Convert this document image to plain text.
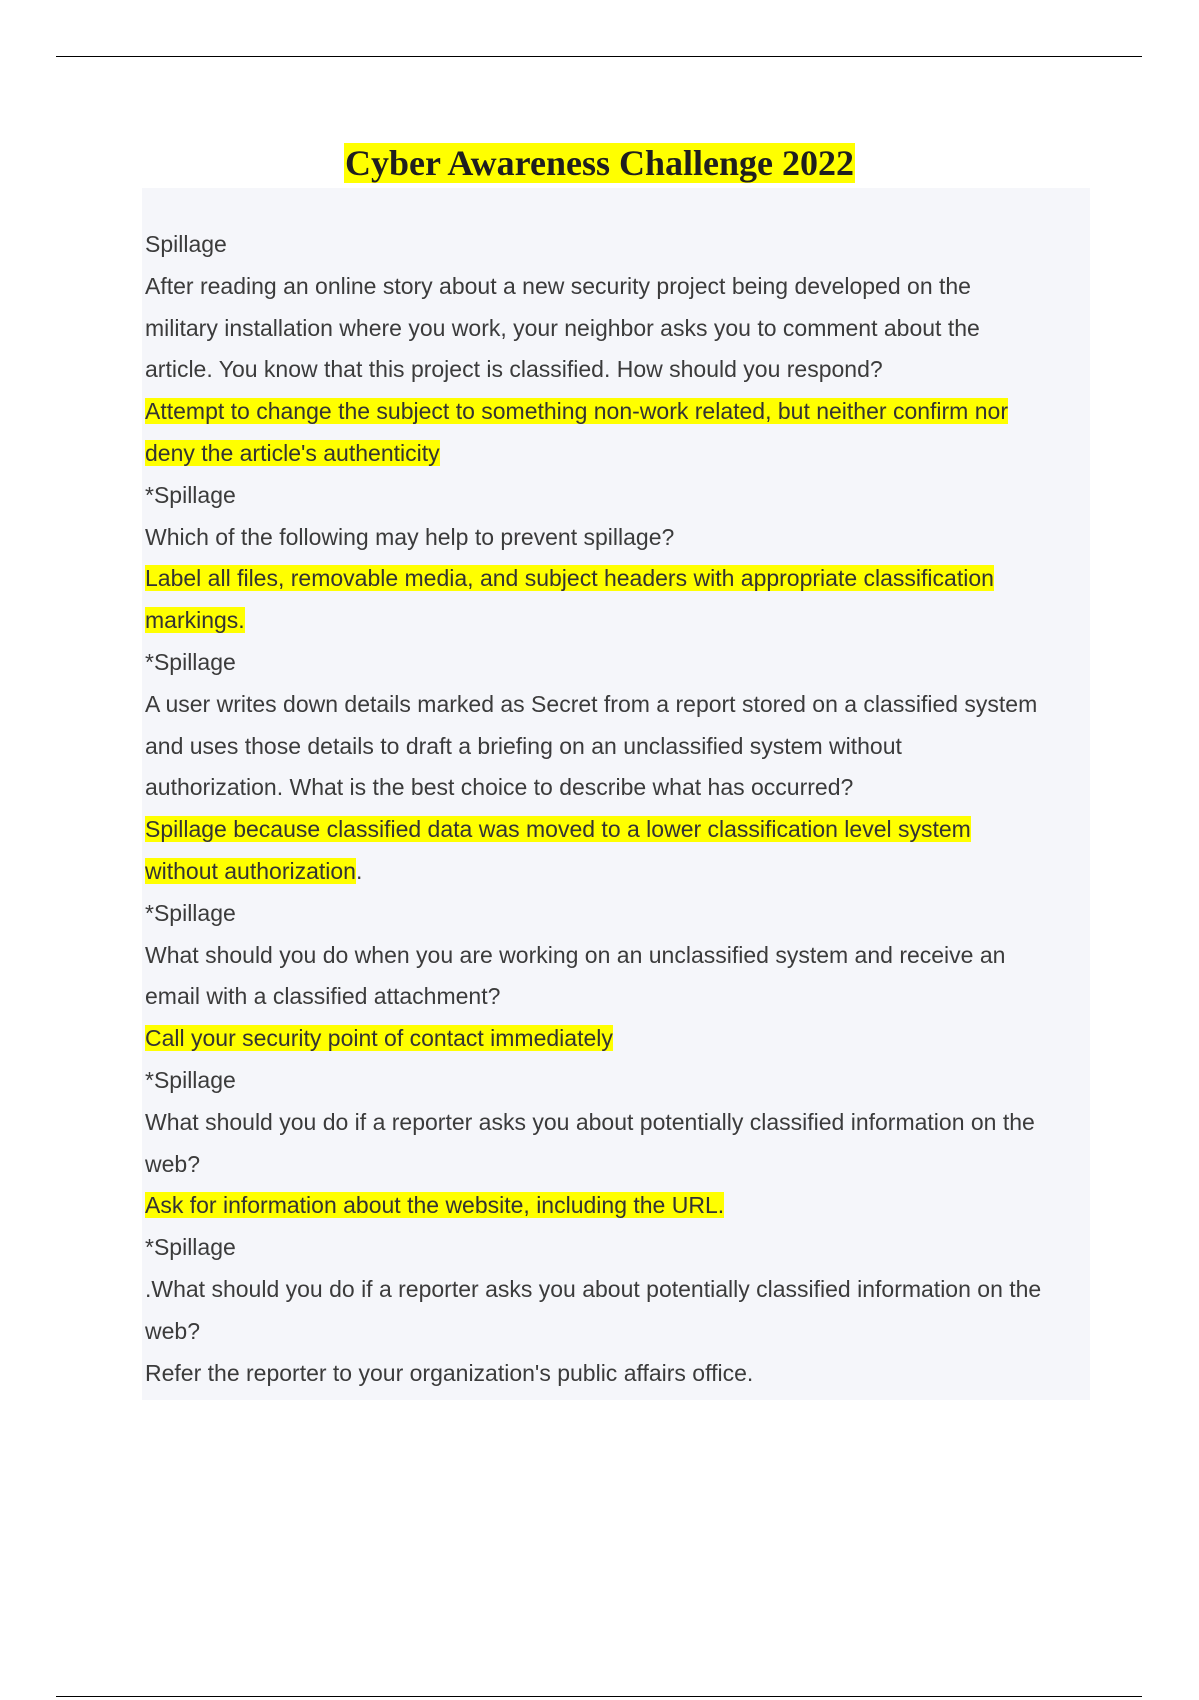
Cyber Awareness Challenge 2022
Spillage
After reading an online story about a new security project being developed on the
military installation where you work, your neighbor asks you to comment about the
article. You know that this project is classified. How should you respond?
Attempt to change the subject to something non-work related, but neither confirm nor
deny the article's authenticity
*Spillage
Which of the following may help to prevent spillage?
Label all files, removable media, and subject headers with appropriate classification
markings.
*Spillage
A user writes down details marked as Secret from a report stored on a classified system
and uses those details to draft a briefing on an unclassified system without
authorization. What is the best choice to describe what has occurred?
Spillage because classified data was moved to a lower classification level system
without authorization.
*Spillage
What should you do when you are working on an unclassified system and receive an
email with a classified attachment?
Call your security point of contact immediately
*Spillage
What should you do if a reporter asks you about potentially classified information on the
web?
Ask for information about the website, including the URL.
*Spillage
.What should you do if a reporter asks you about potentially classified information on the
web?
Refer the reporter to your organization's public affairs office.
